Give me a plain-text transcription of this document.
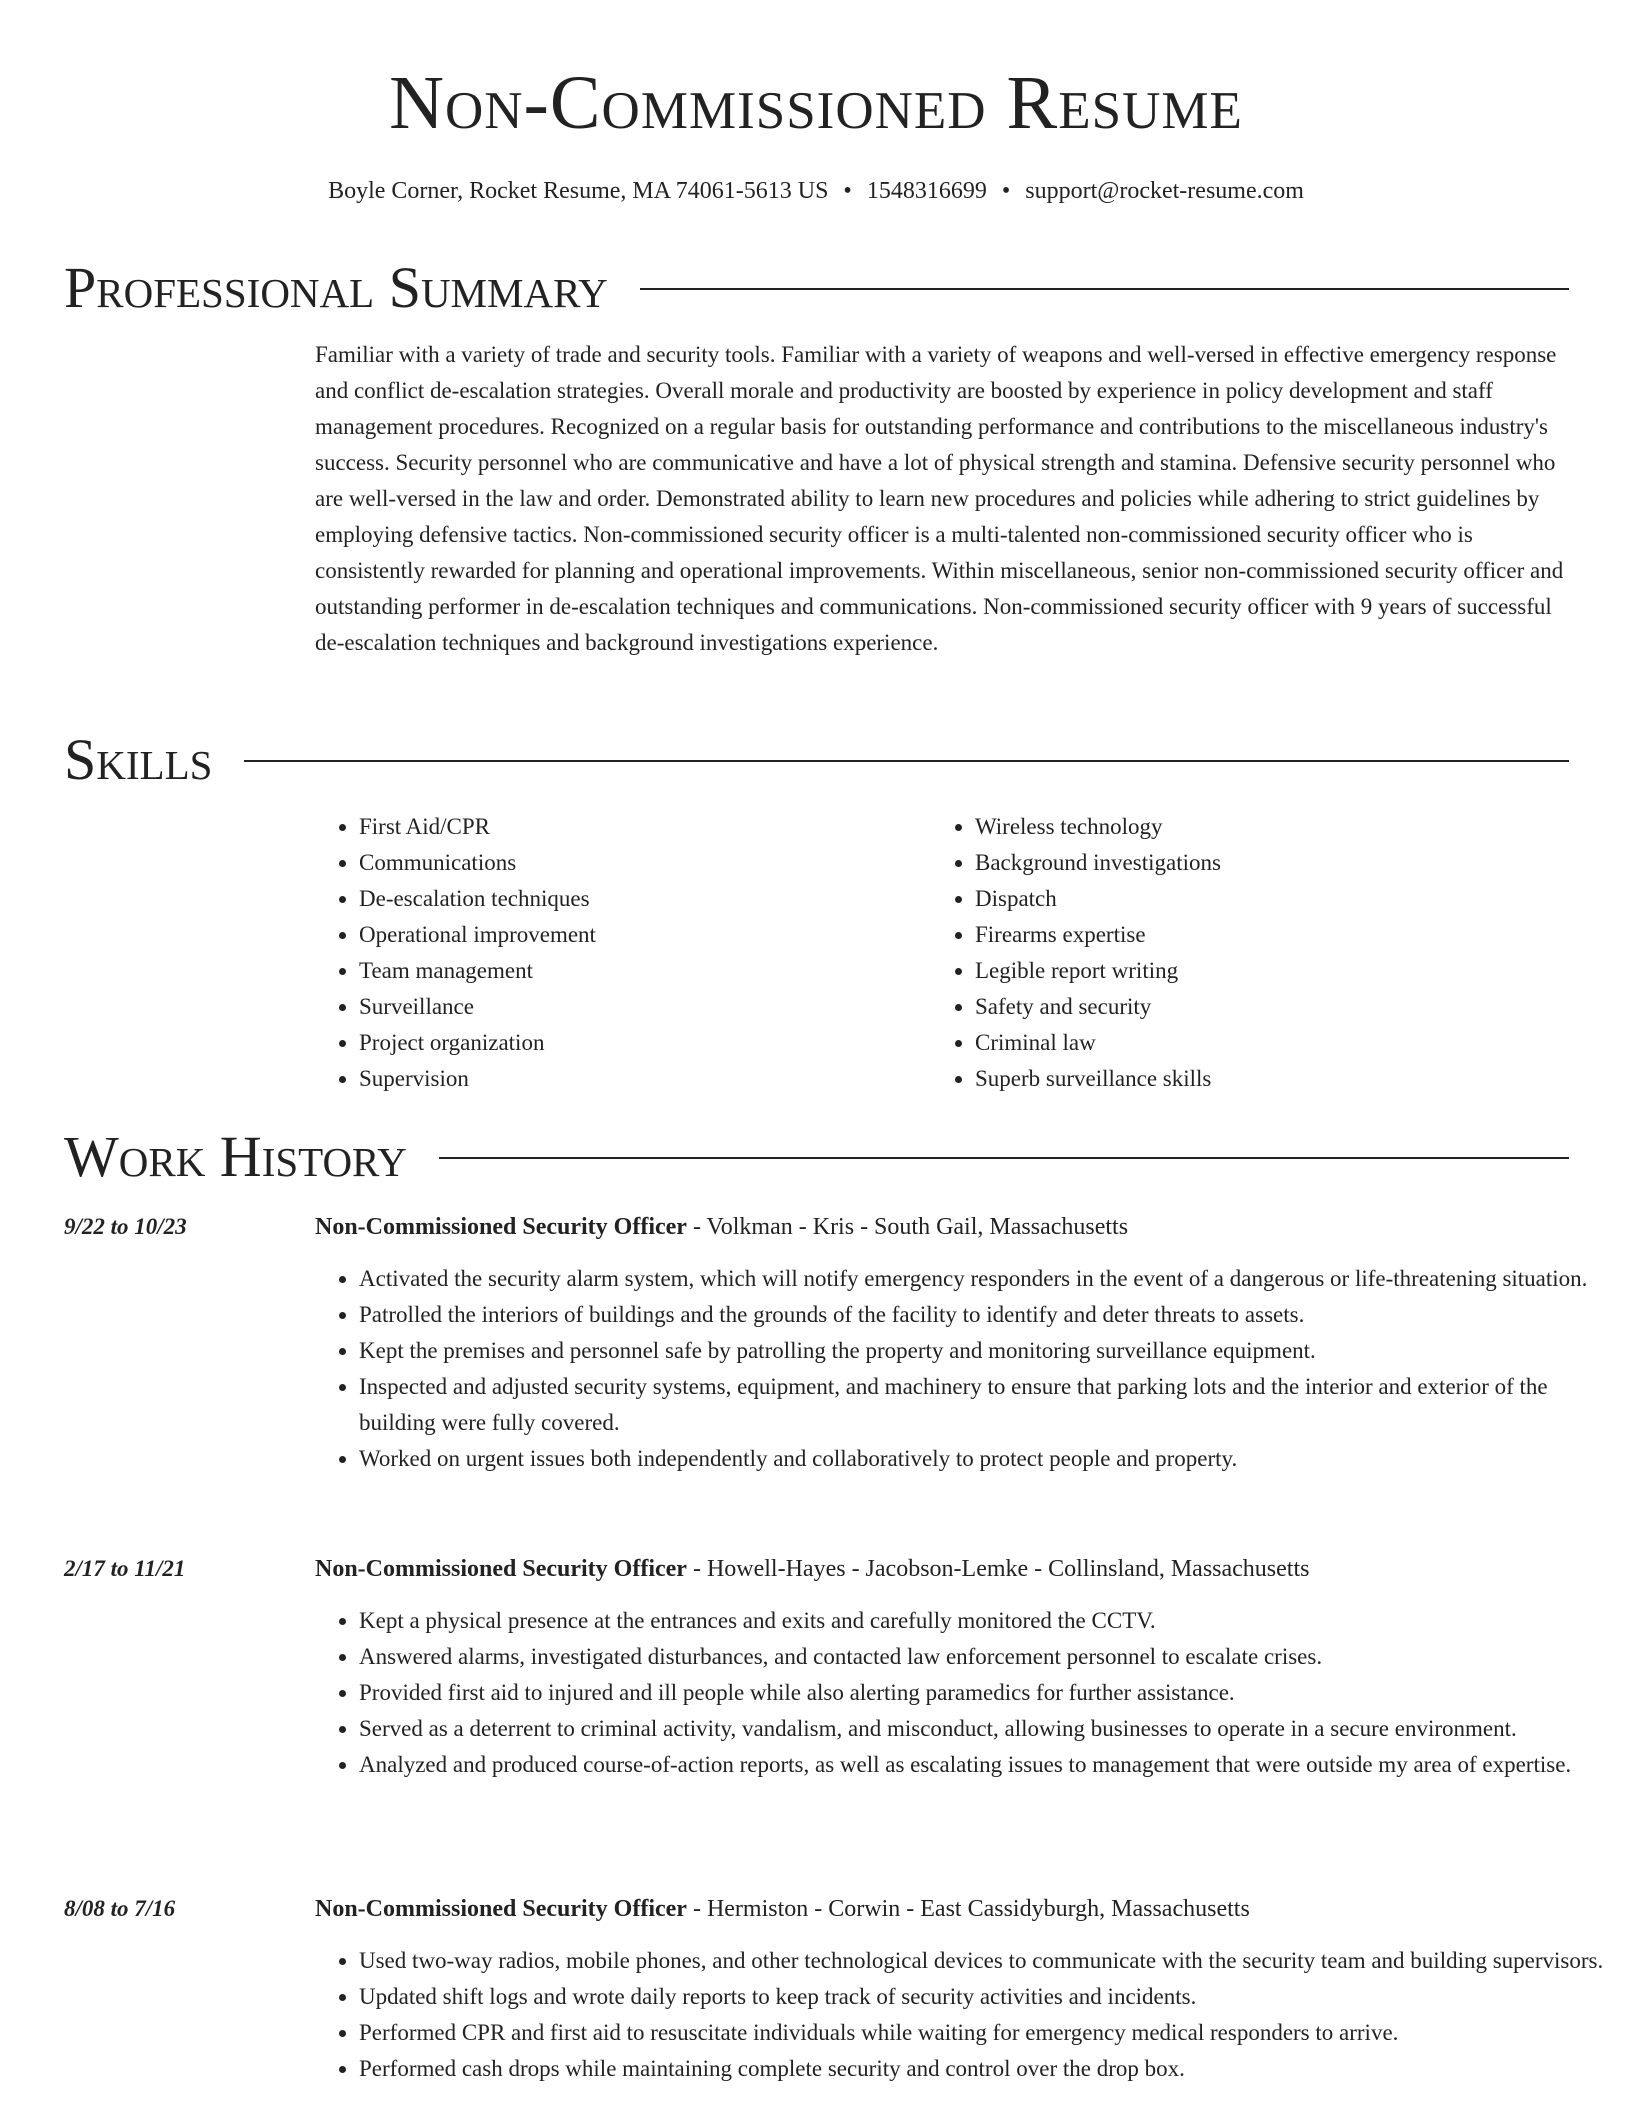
Non-Commissioned Resume
Boyle Corner, Rocket Resume, MA 74061-5613 US • 1548316699 • support@rocket-resume.com
Professional Summary

Familiar with a variety of trade and security tools. Familiar with a variety of weapons and well-versed in effective emergency response and conflict de-escalation strategies. Overall morale and productivity are boosted by experience in policy development and staff management procedures. Recognized on a regular basis for outstanding performance and contributions to the miscellaneous industry's success. Security personnel who are communicative and have a lot of physical strength and stamina. Defensive security personnel who are well-versed in the law and order. Demonstrated ability to learn new procedures and policies while adhering to strict guidelines by employing defensive tactics. Non-commissioned security officer is a multi-talented non-commissioned security officer who is consistently rewarded for planning and operational improvements. Within miscellaneous, senior non-commissioned security officer and outstanding performer in de-escalation techniques and communications. Non-commissioned security officer with 9 years of successful de-escalation techniques and background investigations experience.

Skills
• First Aid/CPR
• Communications
• De-escalation techniques
• Operational improvement
• Team management
• Surveillance
• Project organization
• Supervision
• Wireless technology
• Background investigations
• Dispatch
• Firearms expertise
• Legible report writing
• Safety and security
• Criminal law
• Superb surveillance skills
Work History
9/22 to 10/23	Non-Commissioned Security Officer - Volkman - Kris - South Gail, Massachusetts
• Activated the security alarm system, which will notify emergency responders in the event of a dangerous or life-threatening situation.
• Patrolled the interiors of buildings and the grounds of the facility to identify and deter threats to assets.
• Kept the premises and personnel safe by patrolling the property and monitoring surveillance equipment.
• Inspected and adjusted security systems, equipment, and machinery to ensure that parking lots and the interior and exterior of the building were fully covered.
• Worked on urgent issues both independently and collaboratively to protect people and property.
2/17 to 11/21	Non-Commissioned Security Officer - Howell-Hayes - Jacobson-Lemke - Collinsland, Massachusetts
• Kept a physical presence at the entrances and exits and carefully monitored the CCTV.
• Answered alarms, investigated disturbances, and contacted law enforcement personnel to escalate crises.
• Provided first aid to injured and ill people while also alerting paramedics for further assistance.
• Served as a deterrent to criminal activity, vandalism, and misconduct, allowing businesses to operate in a secure environment.
• Analyzed and produced course-of-action reports, as well as escalating issues to management that were outside my area of expertise.
8/08 to 7/16	Non-Commissioned Security Officer - Hermiston - Corwin - East Cassidyburgh, Massachusetts
• Used two-way radios, mobile phones, and other technological devices to communicate with the security team and building supervisors.
• Updated shift logs and wrote daily reports to keep track of security activities and incidents.
• Performed CPR and first aid to resuscitate individuals while waiting for emergency medical responders to arrive.
• Performed cash drops while maintaining complete security and control over the drop box.
